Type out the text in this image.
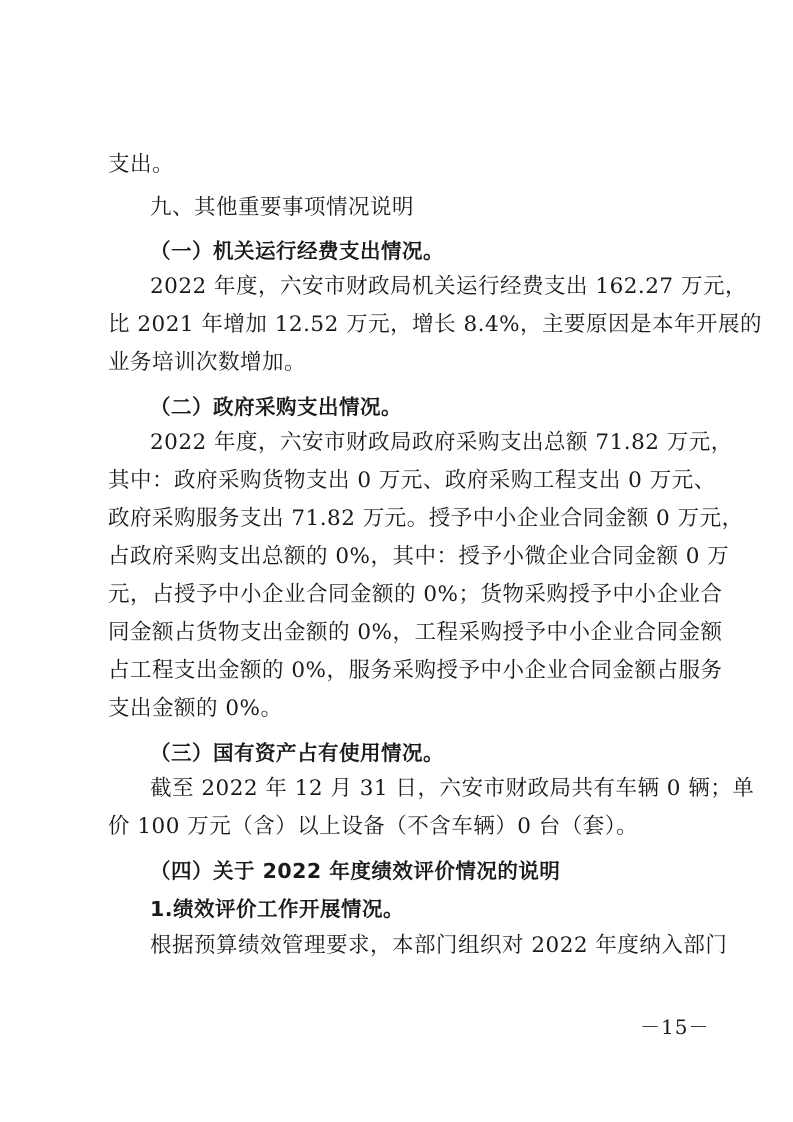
支出。
九、其他重要事项情况说明
（一）机关运行经费支出情况。
2022 年度，六安市财政局机关运行经费支出 162.27 万元，
比 2021 年增加 12.52 万元，增长 8.4%，主要原因是本年开展的
业务培训次数增加。
（二）政府采购支出情况。
2022 年度，六安市财政局政府采购支出总额 71.82 万元，
其中：政府采购货物支出 0 万元、政府采购工程支出 0 万元、
政府采购服务支出 71.82 万元。授予中小企业合同金额 0 万元，
占政府采购支出总额的 0%，其中：授予小微企业合同金额 0 万
元，占授予中小企业合同金额的 0%；货物采购授予中小企业合
同金额占货物支出金额的 0%，工程采购授予中小企业合同金额
占工程支出金额的 0%，服务采购授予中小企业合同金额占服务
支出金额的 0%。
（三）国有资产占有使用情况。
截至 2022 年 12 月 31 日，六安市财政局共有车辆 0 辆；单
价 100 万元（含）以上设备（不含车辆）0 台（套）。
（四）关于 2022 年度绩效评价情况的说明
1.绩效评价工作开展情况。
根据预算绩效管理要求，本部门组织对 2022 年度纳入部门
－15－
